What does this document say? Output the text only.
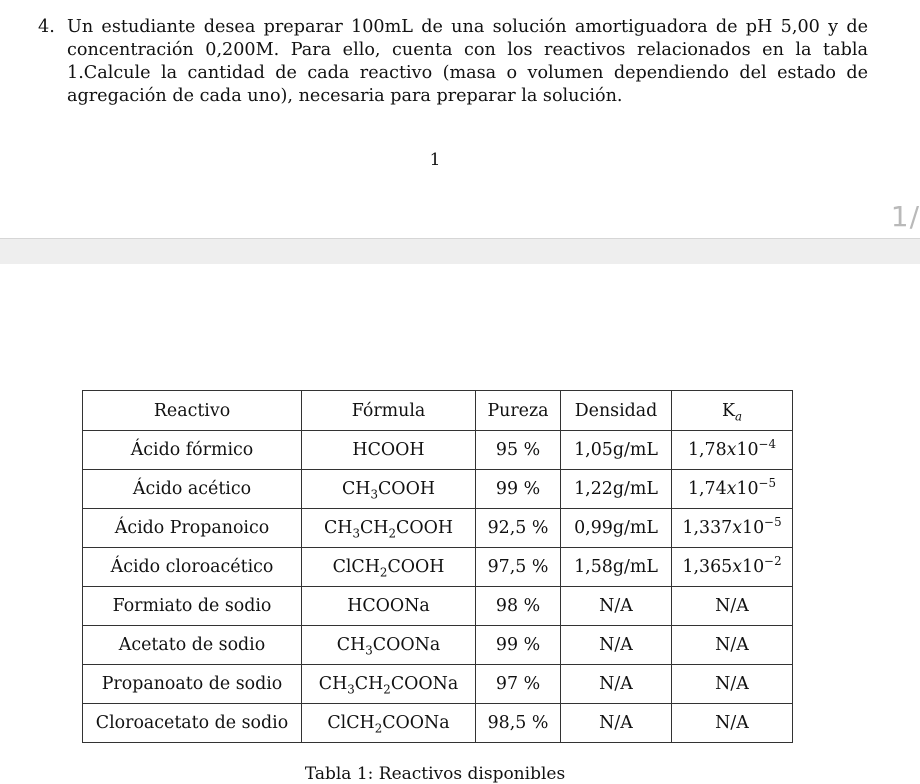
4. Un estudiante desea preparar 100mL de una solución amortiguadora de pH 5,00 y de concentración 0,200M. Para ello, cuenta con los reactivos relacionados en la tabla 1.Calcule la cantidad de cada reactivo (masa o volumen dependiendo del estado de agregación de cada uno), necesaria para preparar la solución.
1
1/
Reactivo	Fórmula	Pureza	Densidad	$K_a$
Ácido fórmico	HCOOH	95 %	1,05g/mL	$1,78x10^{-4}$
Ácido acético	$CH_3COOH$	99 %	1,22g/mL	$1,74x10^{-5}$
Ácido Propanoico	$CH_3CH_2COOH$	92,5 %	0,99g/mL	$1,337x10^{-5}$
Ácido cloroacético	ClCH$_2$COOH	97,5 %	1,58g/mL	$1,365x10^{-2}$
Formiato de sodio	HCOONa	98 %	N/A	N/A
Acetato de sodio	$CH_3COONa$	99 %	N/A	N/A
Propanoato de sodio	$CH_3CH_2COONa$	97 %	N/A	N/A
Cloroacetato de sodio	ClCH$_2$COONa	98,5 %	N/A	N/A
Tabla 1: Reactivos disponibles
